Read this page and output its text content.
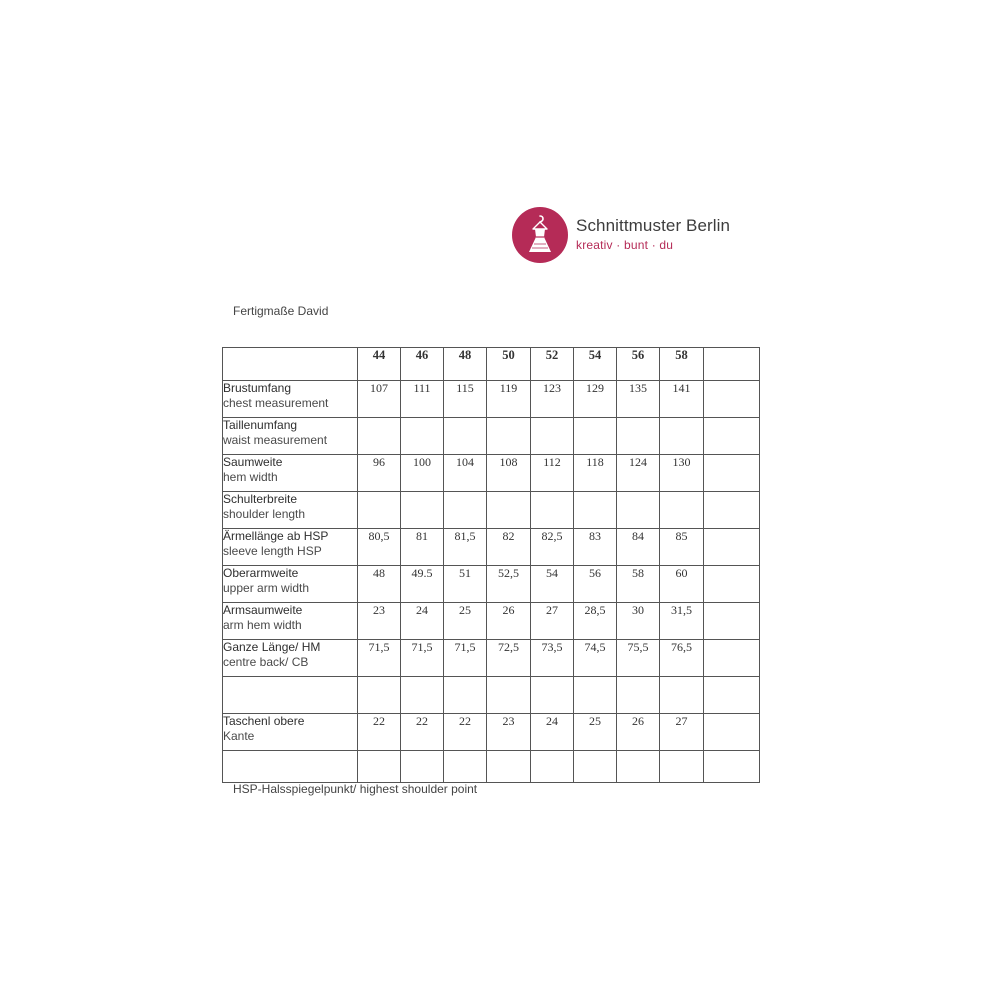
Schnittmuster Berlin
kreativ · bunt · du
Fertigmaße David
	44	46	48	50	52	54	56	58	

Brustumfang
chest measurement	107	111	115	119	123	129	135	141	

Taillenumfang
waist measurement									

Saumweite
hem width	96	100	104	108	112	118	124	130	

Schulterbreite
shoulder length									

Ärmellänge ab HSP
sleeve length HSP	80,5	81	81,5	82	82,5	83	84	85	

Oberarmweite
upper arm width	48	49.5	51	52,5	54	56	58	60	

Armsaumweite
arm hem width	23	24	25	26	27	28,5	30	31,5	

Ganze Länge/ HM
centre back/ CB	71,5	71,5	71,5	72,5	73,5	74,5	75,5	76,5	

Taschenl obere
Kante	22	22	22	23	24	25	26	27	

HSP-Halsspiegelpunkt/ highest shoulder point
